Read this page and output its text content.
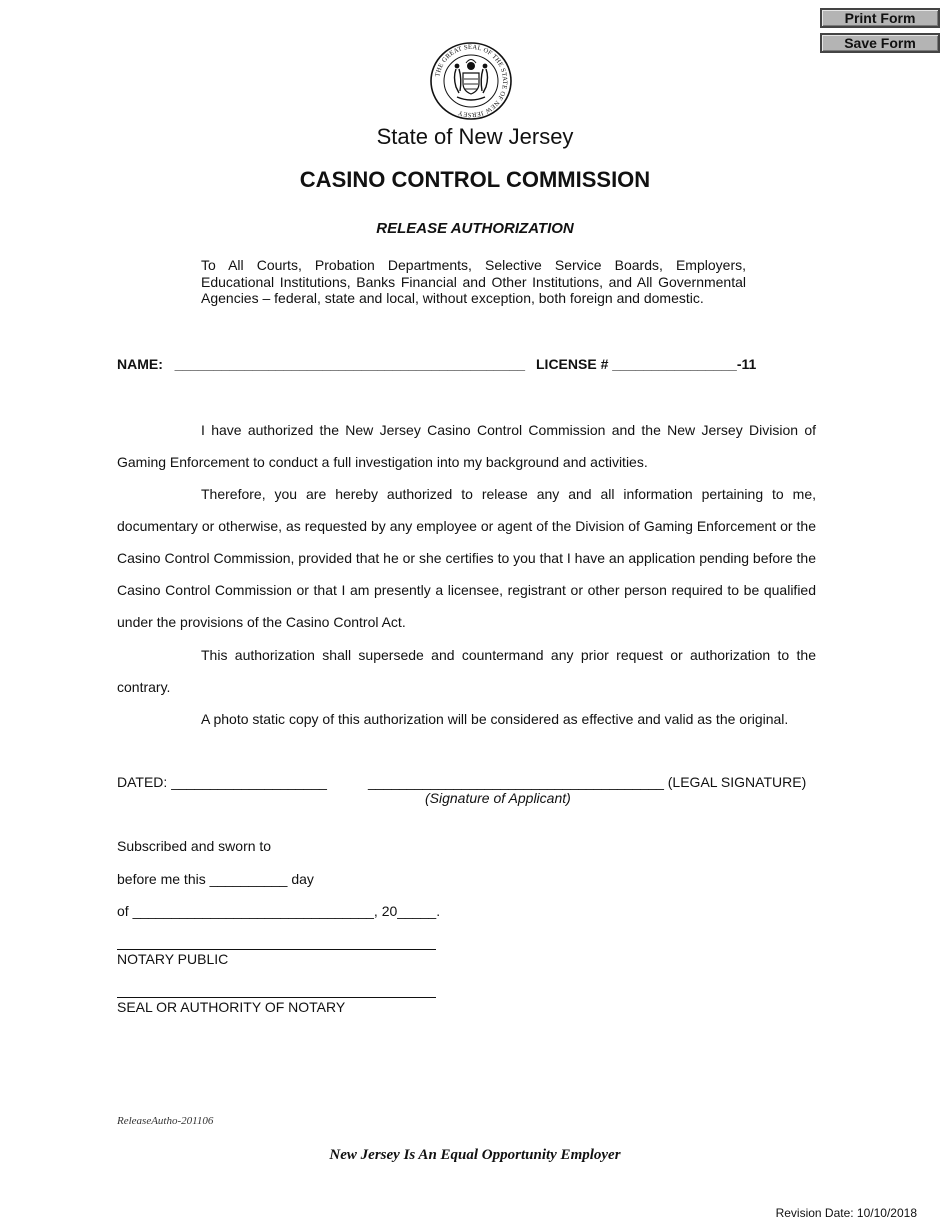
Print Form
Save Form
THE GREAT SEAL OF THE STATE OF NEW JERSEY
State of New Jersey
CASINO CONTROL COMMISSION
RELEASE AUTHORIZATION
To All Courts, Probation Departments, Selective Service Boards, Employers, Educational Institutions, Banks Financial and Other Institutions, and All Governmental Agencies – federal, state and local, without exception, both foreign and domestic.
NAME: _____________________________________________ LICENSE # ________________-11

I have authorized the New Jersey Casino Control Commission and the New Jersey Division of Gaming Enforcement to conduct a full investigation into my background and activities.

Therefore, you are hereby authorized to release any and all information pertaining to me, documentary or otherwise, as requested by any employee or agent of the Division of Gaming Enforcement or the Casino Control Commission, provided that he or she certifies to you that I have an application pending before the Casino Control Commission or that I am presently a licensee, registrant or other person required to be qualified under the provisions of the Casino Control Act.

This authorization shall supersede and countermand any prior request or authorization to the contrary.

A photo static copy of this authorization will be considered as effective and valid as the original.

DATED: ____________________	______________________________________ (LEGAL SIGNATURE)
(Signature of Applicant)
Subscribed and sworn to
before me this __________ day
of _______________________________, 20_____.
NOTARY PUBLIC
SEAL OR AUTHORITY OF NOTARY
ReleaseAutho-201106
New Jersey Is An Equal Opportunity Employer
Revision Date: 10/10/2018
